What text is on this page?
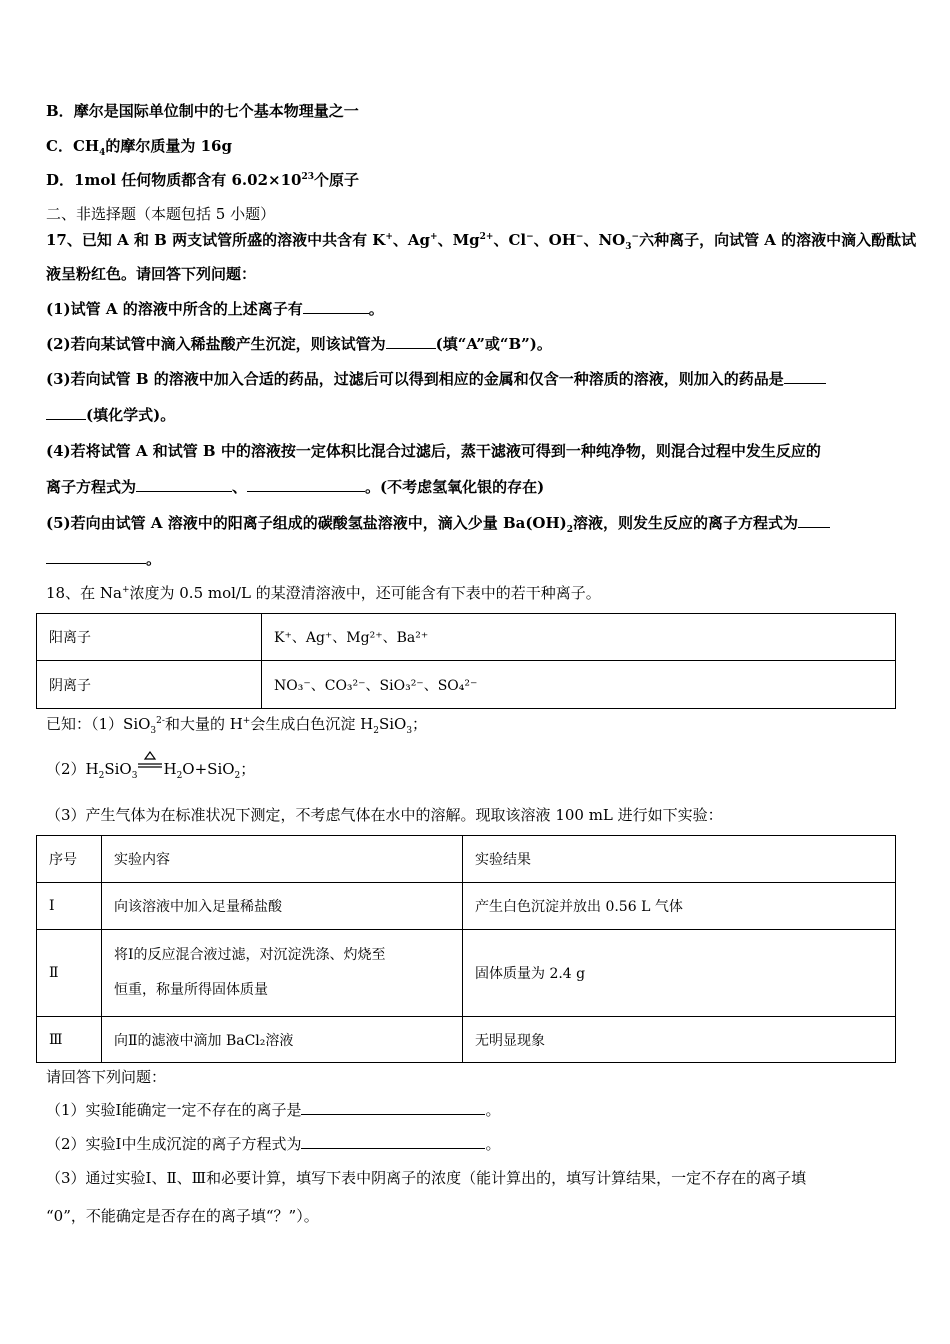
B．摩尔是国际单位制中的七个基本物理量之一
C．$CH_4$的摩尔质量为 16g
D．1mol 任何物质都含有 $6.02\times 10^{23}$个原子
二、非选择题（本题包括 5 小题）
17、已知 A 和 B 两支试管所盛的溶液中共含有 K+、Ag+、$Mg^{2+}$、Cl−、OH−、$NO_3^-$六种离子，向试管 A 的溶液中滴入酚酞试
液呈粉红色。请回答下列问题：
(1)试管 A 的溶液中所含的上述离子有	。
(2)若向某试管中滴入稀盐酸产生沉淀，则该试管为	(填“A”或“B”)。
(3)若向试管 B 的溶液中加入合适的药品，过滤后可以得到相应的金属和仅含一种溶质的溶液，则加入的药品是
(填化学式)。
(4)若将试管 A 和试管 B 中的溶液按一定体积比混合过滤后，蒸干滤液可得到一种纯净物，则混合过程中发生反应的
离子方程式为	、	。(不考虑氢氧化银的存在)
(5)若向由试管 A 溶液中的阳离子组成的碳酸氢盐溶液中，滴入少量 $Ba(OH)_2$溶液，则发生反应的离子方程式为
。
18、在 Na+浓度为 0.5 mol/L 的某澄清溶液中，还可能含有下表中的若干种离子。
阳离子	K⁺、Ag⁺、Mg²⁺、Ba²⁺
阴离子	NO₃⁻、CO₃²⁻、SiO₃²⁻、SO₄²⁻
已知：（1）SiO$_3^{2-}$和大量的 H+会生成白色沉淀 $H_2SiO_3$；
$(2)H_2SiO_3$ $H_2O+SiO_2$；
（3）产生气体为在标准状况下测定，不考虑气体在水中的溶解。现取该溶液 100 mL 进行如下实验：
序号	实验内容	实验结果
Ⅰ	向该溶液中加入足量稀盐酸	产生白色沉淀并放出 0.56 L 气体
Ⅱ	将Ⅰ的反应混合液过滤，对沉淀洗涤、灼烧至
恒重，称量所得固体质量	固体质量为 2.4 g
Ⅲ	向Ⅱ的滤液中滴加 BaCl₂溶液	无明显现象
请回答下列问题：
（1）实验Ⅰ能确定一定不存在的离子是	。
（2）实验Ⅰ中生成沉淀的离子方程式为	。
（3）通过实验Ⅰ、Ⅱ、Ⅲ和必要计算，填写下表中阴离子的浓度（能计算出的，填写计算结果，一定不存在的离子填
“0”，不能确定是否存在的离子填“？”）。
